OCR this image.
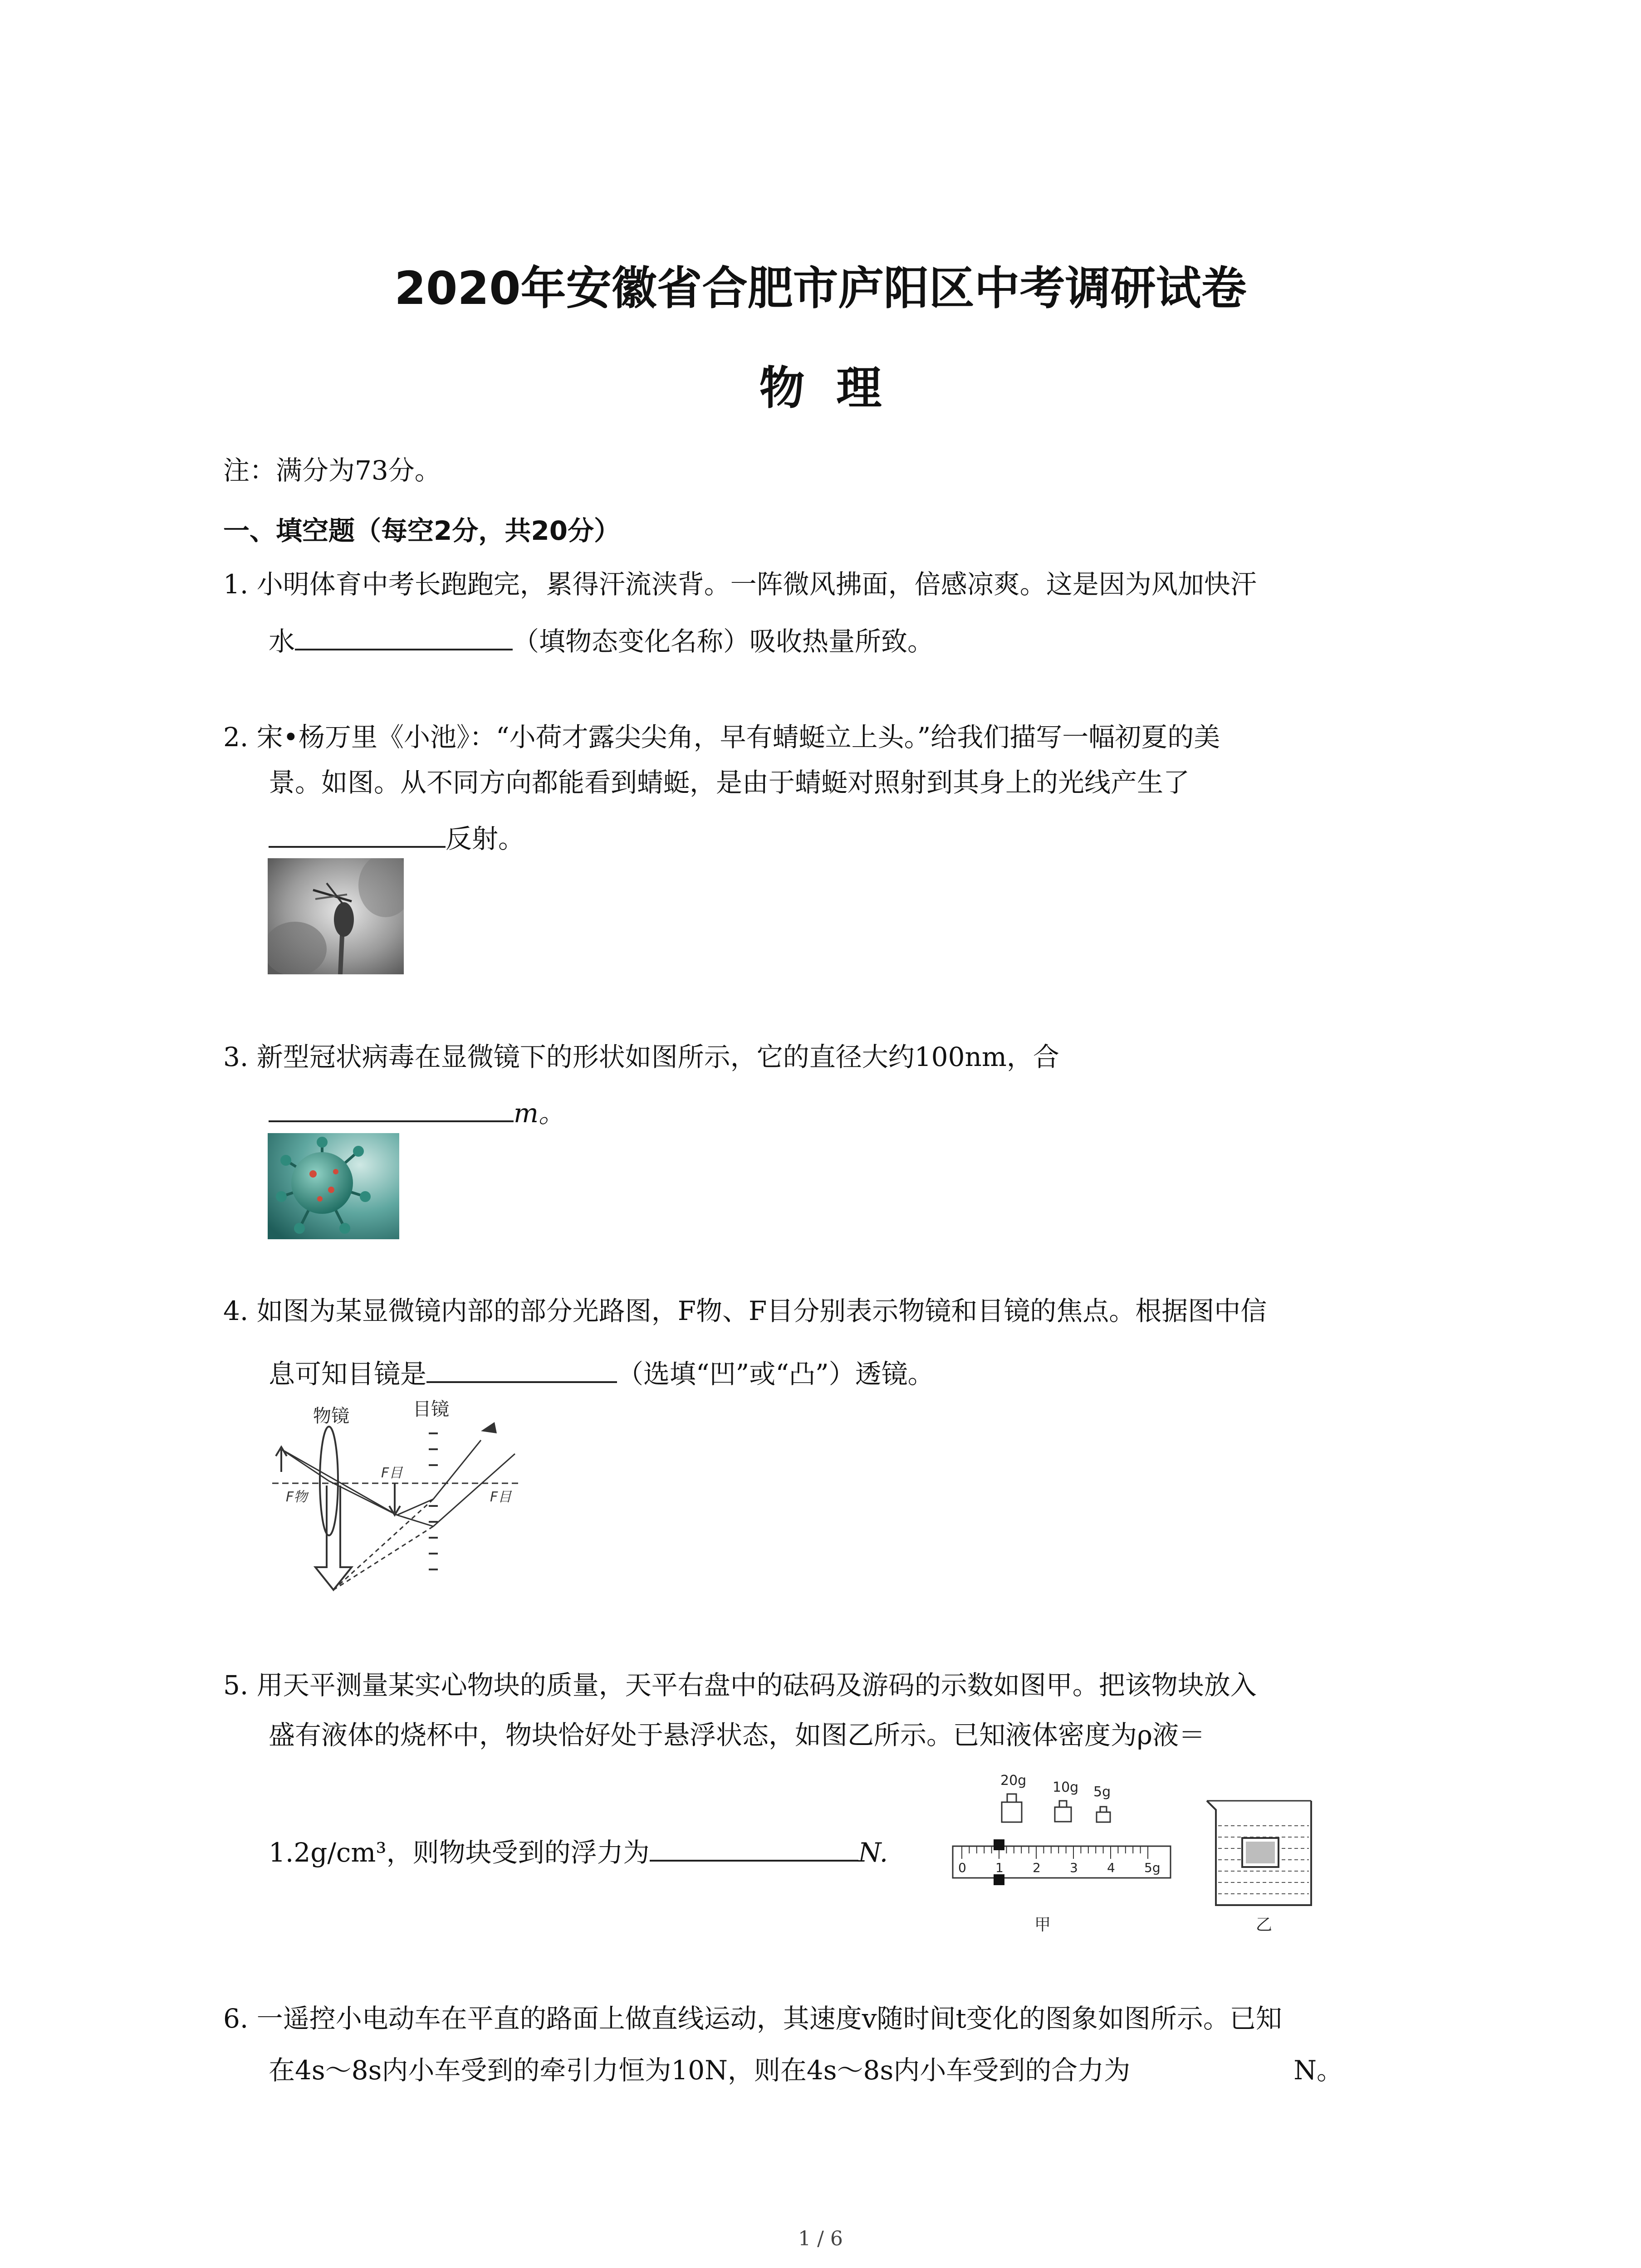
2020年安徽省合肥市庐阳区中考调研试卷
物  理
注：满分为73分。
一、填空题（每空2分，共20分）
1. 小明体育中考长跑跑完，累得汗流浃背。一阵微风拂面，倍感凉爽。这是因为风加快汗
水	（填物态变化名称）吸收热量所致。
2. 宋•杨万里《小池》：“小荷才露尖尖角，早有蜻蜓立上头。”给我们描写一幅初夏的美
景。如图。从不同方向都能看到蜻蜓，是由于蜻蜓对照射到其身上的光线产生了
反射。
3. 新型冠状病毒在显微镜下的形状如图所示，它的直径大约100nm，合
m。
4. 如图为某显微镜内部的部分光路图，F物、F目分别表示物镜和目镜的焦点。根据图中信
息可知目镜是	（选填“凹”或“凸”）透镜。
物镜	目镜
F物
F目
F目
5. 用天平测量某实心物块的质量，天平右盘中的砝码及游码的示数如图甲。把该物块放入
盛有液体的烧杯中，物块恰好处于悬浮状态，如图乙所示。已知液体密度为ρ液＝
1.2g/cm³，则物块受到的浮力为	N.
20g 10g 5g
0 1 2 3 4 5g
甲	乙
6. 一遥控小电动车在平直的路面上做直线运动，其速度v随时间t变化的图象如图所示。已知
在4s～8s内小车受到的牵引力恒为10N，则在4s～8s内小车受到的合力为	N。
1 / 6
